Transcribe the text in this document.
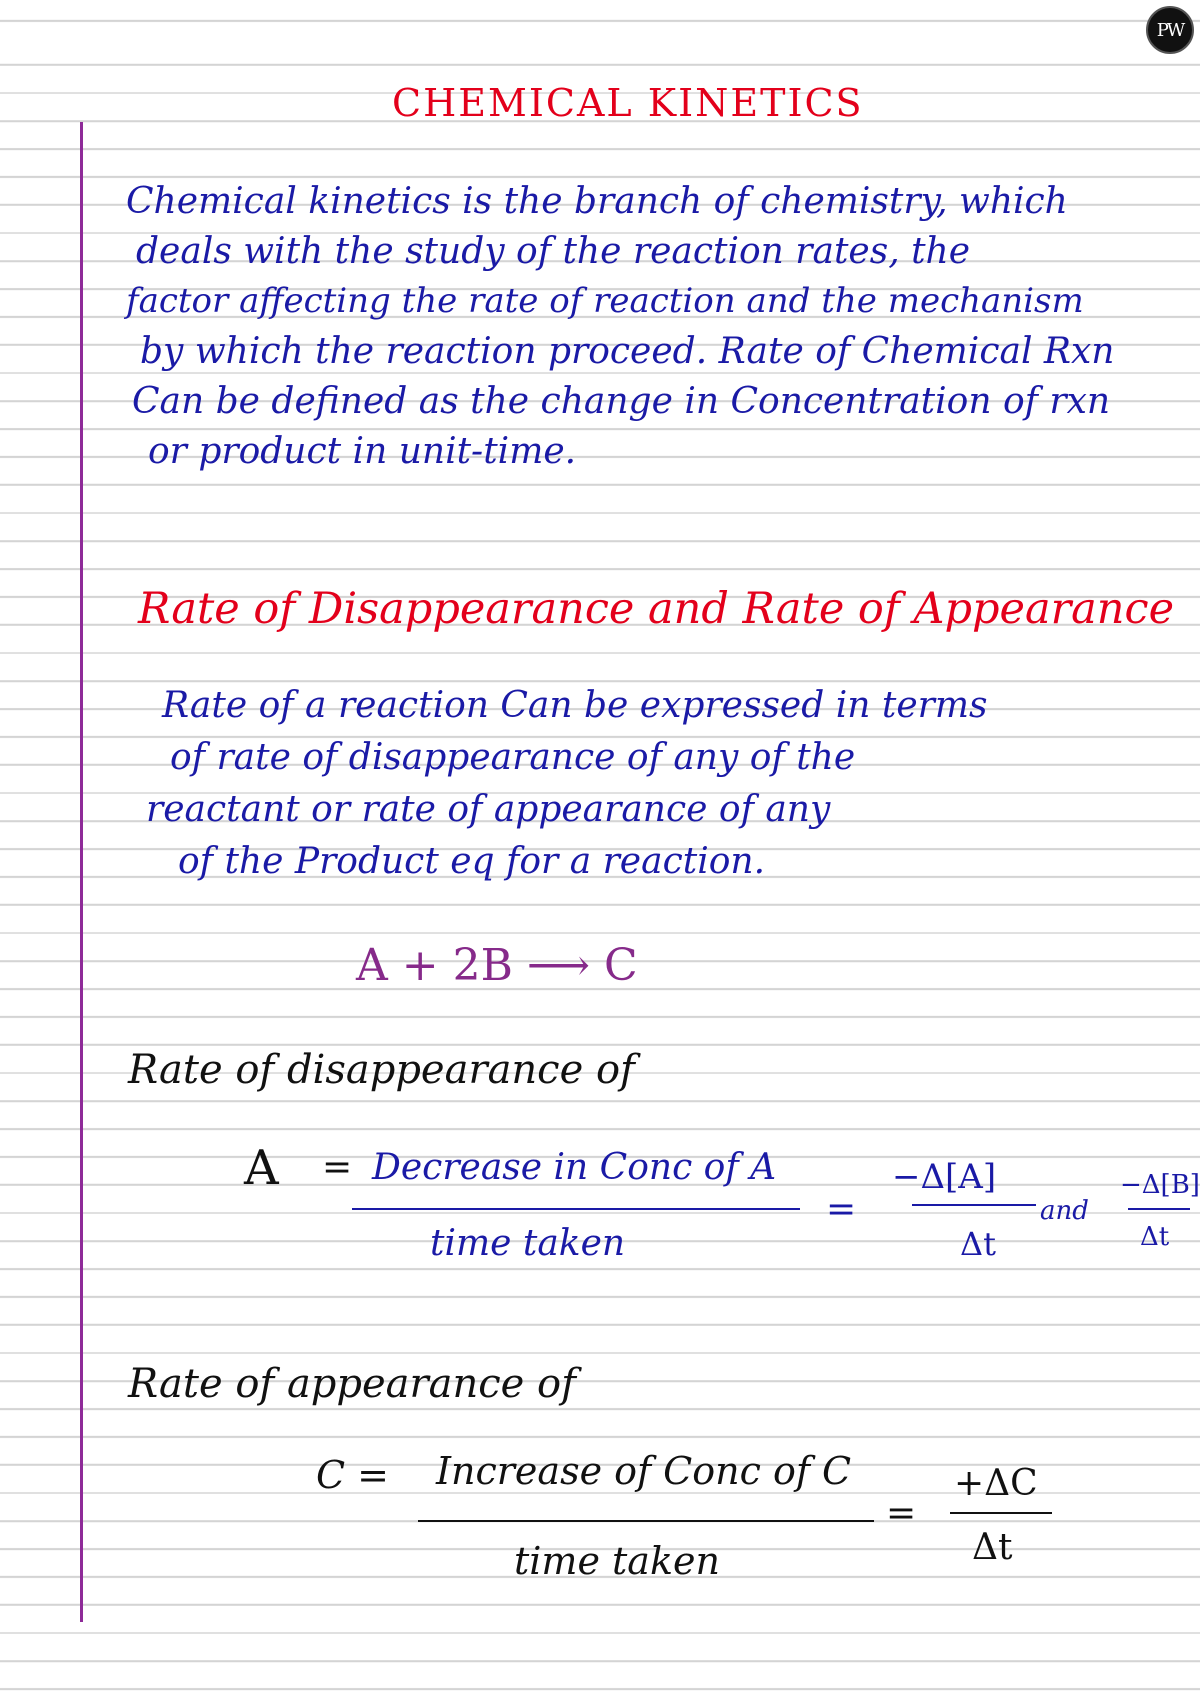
PW
CHEMICAL KINETICS
Chemical kinetics is the branch of chemistry, which
deals with the study of the reaction rates, the
factor affecting the rate of reaction and the mechanism
by which the reaction proceed. Rate of Chemical Rxn
Can be defined as the change in Concentration of rxn
or product in unit-time.
Rate of Disappearance and Rate of Appearance
Rate of a reaction Can be expressed in terms
of rate of disappearance of any of the
reactant or rate of appearance of any
of the Product eq for a reaction.
A + 2B ⟶ C
Rate of disappearance of
A = Decrease in Conc of A
time taken
=
−Δ[A]
Δt
and
−Δ[B]
Δt
Rate of appearance of
C = Increase of Conc of C
time taken
=
+ΔC
Δt
